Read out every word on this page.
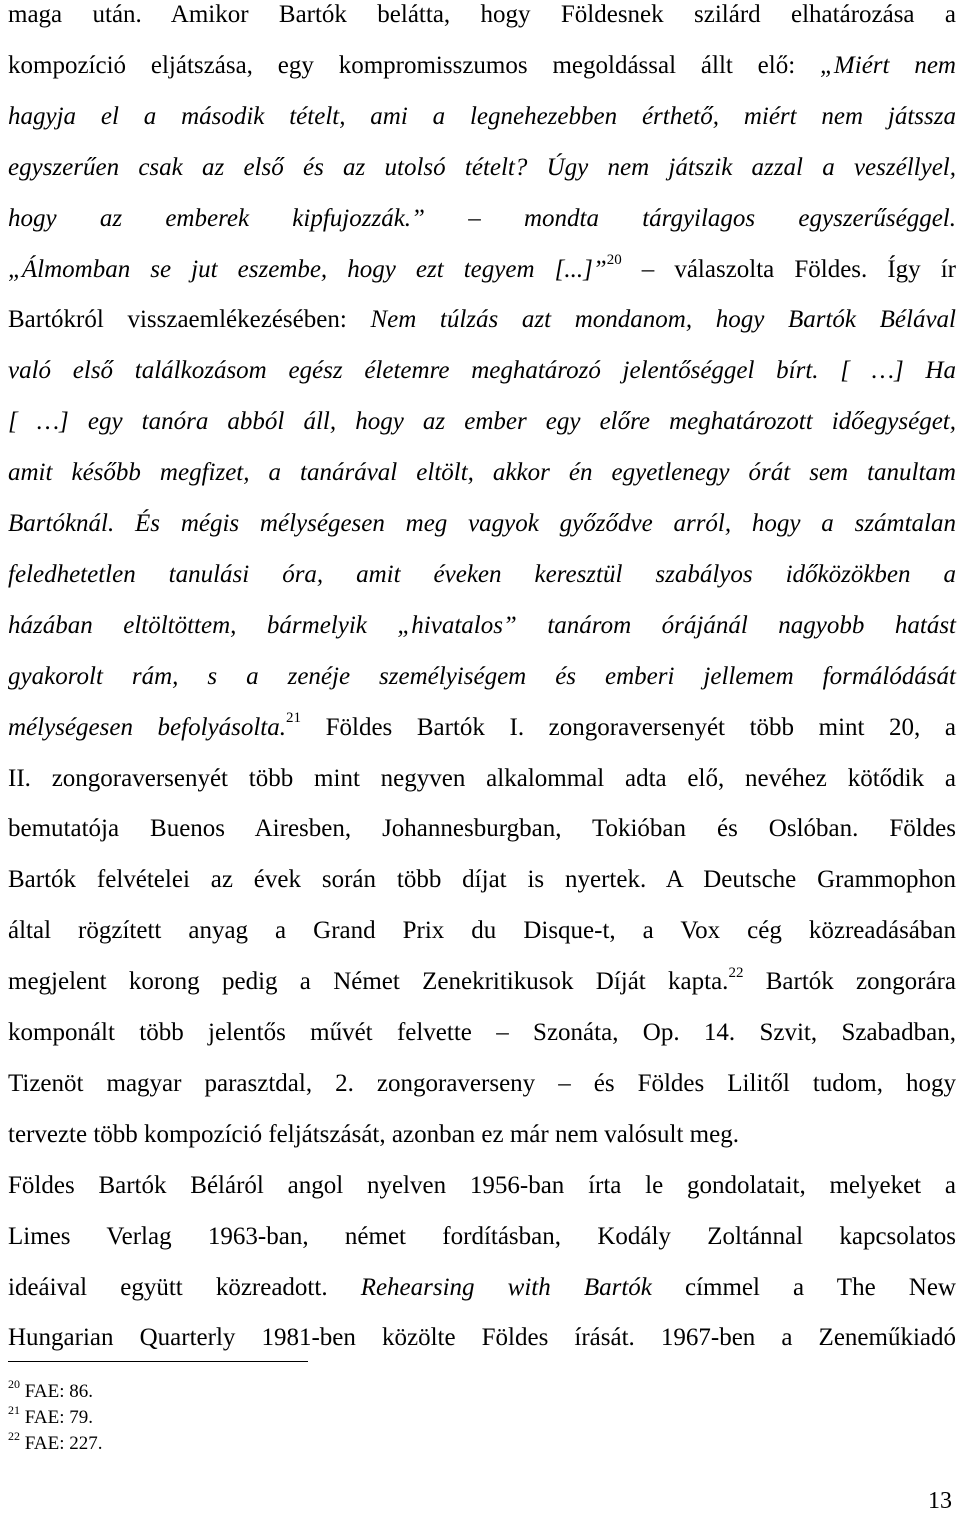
maga után. Amikor Bartók belátta, hogy Földesnek szilárd elhatározása a
kompozíció eljátszása, egy kompromisszumos megoldással állt elő: „Miért nem
hagyja el a második tételt, ami a legnehezebben érthető, miért nem játssza
egyszerűen csak az első és az utolsó tételt? Úgy nem játszik azzal a veszéllyel,
hogy az emberek kipfujozzák.” – mondta tárgyilagos egyszerűséggel.
„Álmomban se jut eszembe, hogy ezt tegyem [...]”$^{20}$ – válaszolta Földes. Így ír
Bartókról visszaemlékezésében: Nem túlzás azt mondanom, hogy Bartók Bélával
való első találkozásom egész életemre meghatározó jelentőséggel bírt. [ …] Ha
[ …] egy tanóra abból áll, hogy az ember egy előre meghatározott időegységet,
amit később megfizet, a tanárával eltölt, akkor én egyetlenegy órát sem tanultam
Bartóknál. És mégis mélységesen meg vagyok győződve arról, hogy a számtalan
feledhetetlen tanulási óra, amit éveken keresztül szabályos időközökben a
házában eltöltöttem, bármelyik „hivatalos” tanárom órájánál nagyobb hatást
gyakorolt rám, s a zenéje személyiségem és emberi jellemem formálódását
mélységesen befolyásolta.$^{21}$ Földes Bartók I. zongoraversenyét több mint 20, a
II. zongoraversenyét több mint negyven alkalommal adta elő, nevéhez kötődik a
bemutatója Buenos Airesben, Johannesburgban, Tokióban és Oslóban. Földes
Bartók felvételei az évek során több díjat is nyertek. A Deutsche Grammophon
által rögzített anyag a Grand Prix du Disque-t, a Vox cég közreadásában
megjelent korong pedig a Német Zenekritikusok Díját kapta.$^{22}$ Bartók zongorára
komponált több jelentős művét felvette – Szonáta, Op. 14. Szvit, Szabadban,
Tizenöt magyar parasztdal, 2. zongoraverseny – és Földes Lilitől tudom, hogy
tervezte több kompozíció feljátszását, azonban ez már nem valósult meg.
Földes Bartók Béláról angol nyelven 1956-ban írta le gondolatait, melyeket a
Limes Verlag 1963-ban, német fordításban, Kodály Zoltánnal kapcsolatos
ideáival együtt közreadott. Rehearsing with Bartók címmel a The New
Hungarian Quarterly 1981-ben közölte Földes írását. 1967-ben a Zeneműkiadó
$^{20}$ FAE: 86.
$^{21}$ FAE: 79.
$^{22}$ FAE: 227.
13
